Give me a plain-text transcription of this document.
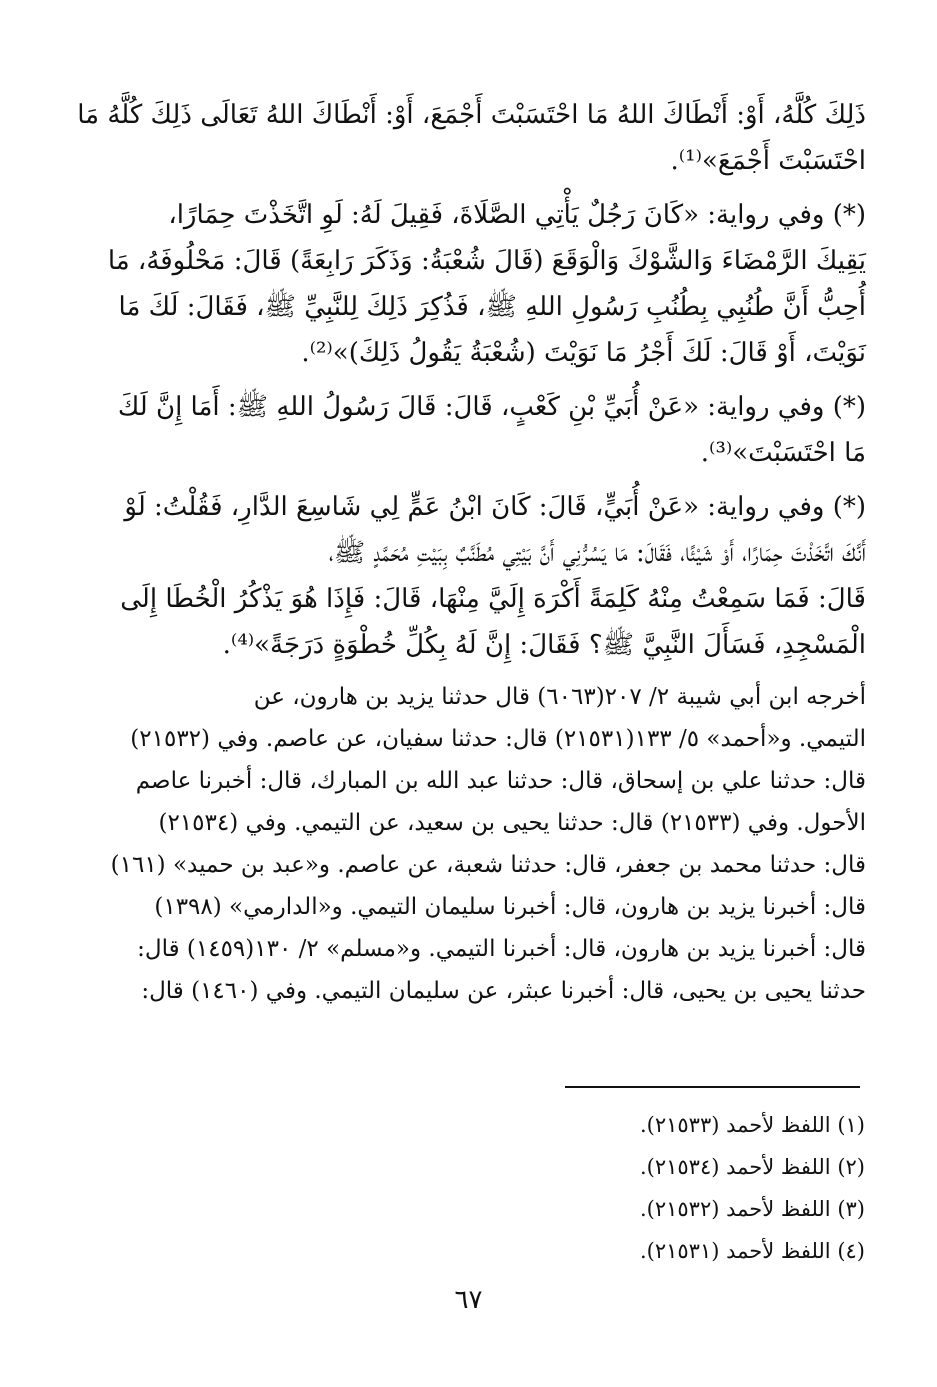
ذَلِكَ كُلَّهُ، أَوْ: أَنْطَاكَ اللهُ مَا احْتَسَبْتَ أَجْمَعَ، أَوْ: أَنْطَاكَ اللهُ تَعَالَى ذَلِكَ كُلَّهُ مَا
احْتَسَبْتَ أَجْمَعَ»⁽¹⁾.

(*) وفي رواية: «كَانَ رَجُلٌ يَأْتِي الصَّلَاةَ، فَقِيلَ لَهُ: لَوِ اتَّخَذْتَ حِمَارًا،
يَقِيكَ الرَّمْضَاءَ وَالشَّوْكَ وَالْوَقَعَ (قَالَ شُعْبَةُ: وَذَكَرَ رَابِعَةً) قَالَ: مَحْلُوفَهُ، مَا
أُحِبُّ أَنَّ طُنُبِي بِطُنُبِ رَسُولِ اللهِ ﷺ، فَذُكِرَ ذَلِكَ لِلنَّبِيِّ ﷺ، فَقَالَ: لَكَ مَا
نَوَيْتَ، أَوْ قَالَ: لَكَ أَجْرُ مَا نَوَيْتَ (شُعْبَةُ يَقُولُ ذَلِكَ)»⁽²⁾.

(*) وفي رواية: «عَنْ أُبَيِّ بْنِ كَعْبٍ، قَالَ: قَالَ رَسُولُ اللهِ ﷺ: أَمَا إِنَّ لَكَ
مَا احْتَسَبْتَ»⁽³⁾.

(*) وفي رواية: «عَنْ أُبَيٍّ، قَالَ: كَانَ ابْنُ عَمٍّ لِي شَاسِعَ الدَّارِ، فَقُلْتُ: لَوْ
أَنَّكَ اتَّخَذْتَ حِمَارًا، أَوْ شَيْئًا، فَقَالَ: مَا يَسُرُّنِي أَنَّ بَيْتِي مُطَنَّبٌ بِبَيْتِ مُحَمَّدٍ ﷺ،
قَالَ: فَمَا سَمِعْتُ مِنْهُ كَلِمَةً أَكْرَهَ إِلَيَّ مِنْهَا، قَالَ: فَإِذَا هُوَ يَذْكُرُ الْخُطَا إِلَى
الْمَسْجِدِ، فَسَأَلَ النَّبِيَّ ﷺ؟ فَقَالَ: إِنَّ لَهُ بِكُلِّ خُطْوَةٍ دَرَجَةً»⁽⁴⁾.

أخرجه ابن أبي شيبة ٢/ ٢٠٧(٦٠٦٣) قال حدثنا يزيد بن هارون، عن
التيمي. و«أحمد» ٥/ ١٣٣(٢١٥٣١) قال: حدثنا سفيان، عن عاصم. وفي (٢١٥٣٢)
قال: حدثنا علي بن إسحاق، قال: حدثنا عبد الله بن المبارك، قال: أخبرنا عاصم
الأحول. وفي (٢١٥٣٣) قال: حدثنا يحيى بن سعيد، عن التيمي. وفي (٢١٥٣٤)
قال: حدثنا محمد بن جعفر، قال: حدثنا شعبة، عن عاصم. و«عبد بن حميد» (١٦١)
قال: أخبرنا يزيد بن هارون، قال: أخبرنا سليمان التيمي. و«الدارمي» (١٣٩٨)
قال: أخبرنا يزيد بن هارون، قال: أخبرنا التيمي. و«مسلم» ٢/ ١٣٠(١٤٥٩) قال:
حدثنا يحيى بن يحيى، قال: أخبرنا عبثر، عن سليمان التيمي. وفي (١٤٦٠) قال:

(١) اللفظ لأحمد (٢١٥٣٣).
(٢) اللفظ لأحمد (٢١٥٣٤).
(٣) اللفظ لأحمد (٢١٥٣٢).
(٤) اللفظ لأحمد (٢١٥٣١).
٦٧
